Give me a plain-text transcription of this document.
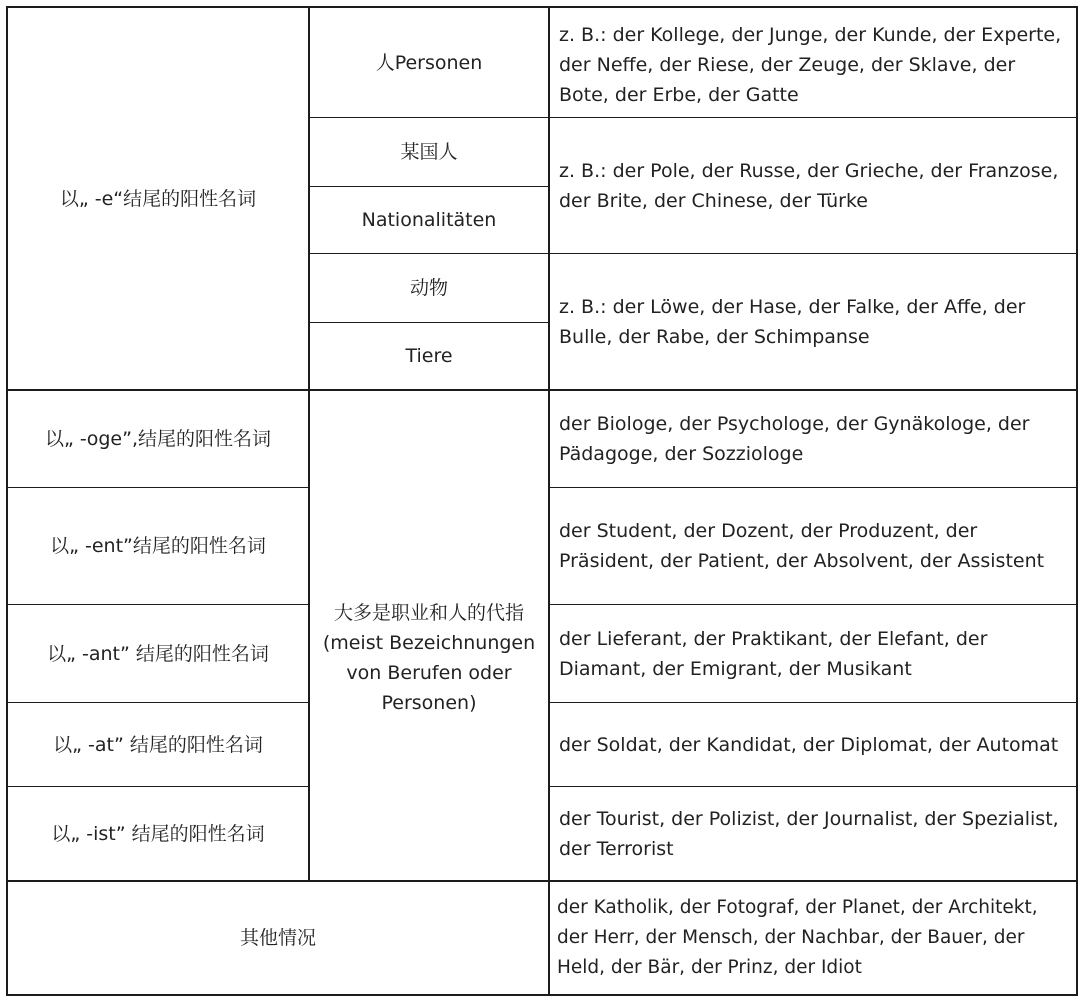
以„ -e“结尾的阳性名词
人Personen
z. B.: der Kollege, der Junge, der Kunde, der Experte, der Neffe, der Riese, der Zeuge, der Sklave, der Bote, der Erbe, der Gatte
某国人
Nationalitäten
z. B.: der Pole, der Russe, der Grieche, der Franzose, der Brite, der Chinese, der Türke
动物
Tiere
z. B.: der Löwe, der Hase, der Falke, der Affe, der Bulle, der Rabe, der Schimpanse
大多是职业和人的代指
(meist Bezeichnungen von Berufen oder Personen)
以„ -oge”,结尾的阳性名词
der Biologe, der Psychologe, der Gynäkologe, der Pädagoge, der Sozziologe
以„ -ent”结尾的阳性名词
der Student, der Dozent, der Produzent, der Präsident, der Patient, der Absolvent, der Assistent
以„ -ant” 结尾的阳性名词
der Lieferant, der Praktikant, der Elefant, der Diamant, der Emigrant, der Musikant
以„ -at” 结尾的阳性名词	der Soldat, der Kandidat, der Diplomat, der Automat
以„ -ist” 结尾的阳性名词
der Tourist, der Polizist, der Journalist, der Spezialist, der Terrorist
其他情况
der Katholik, der Fotograf, der Planet, der Architekt, der Herr, der Mensch, der Nachbar, der Bauer, der Held, der Bär, der Prinz, der Idiot
